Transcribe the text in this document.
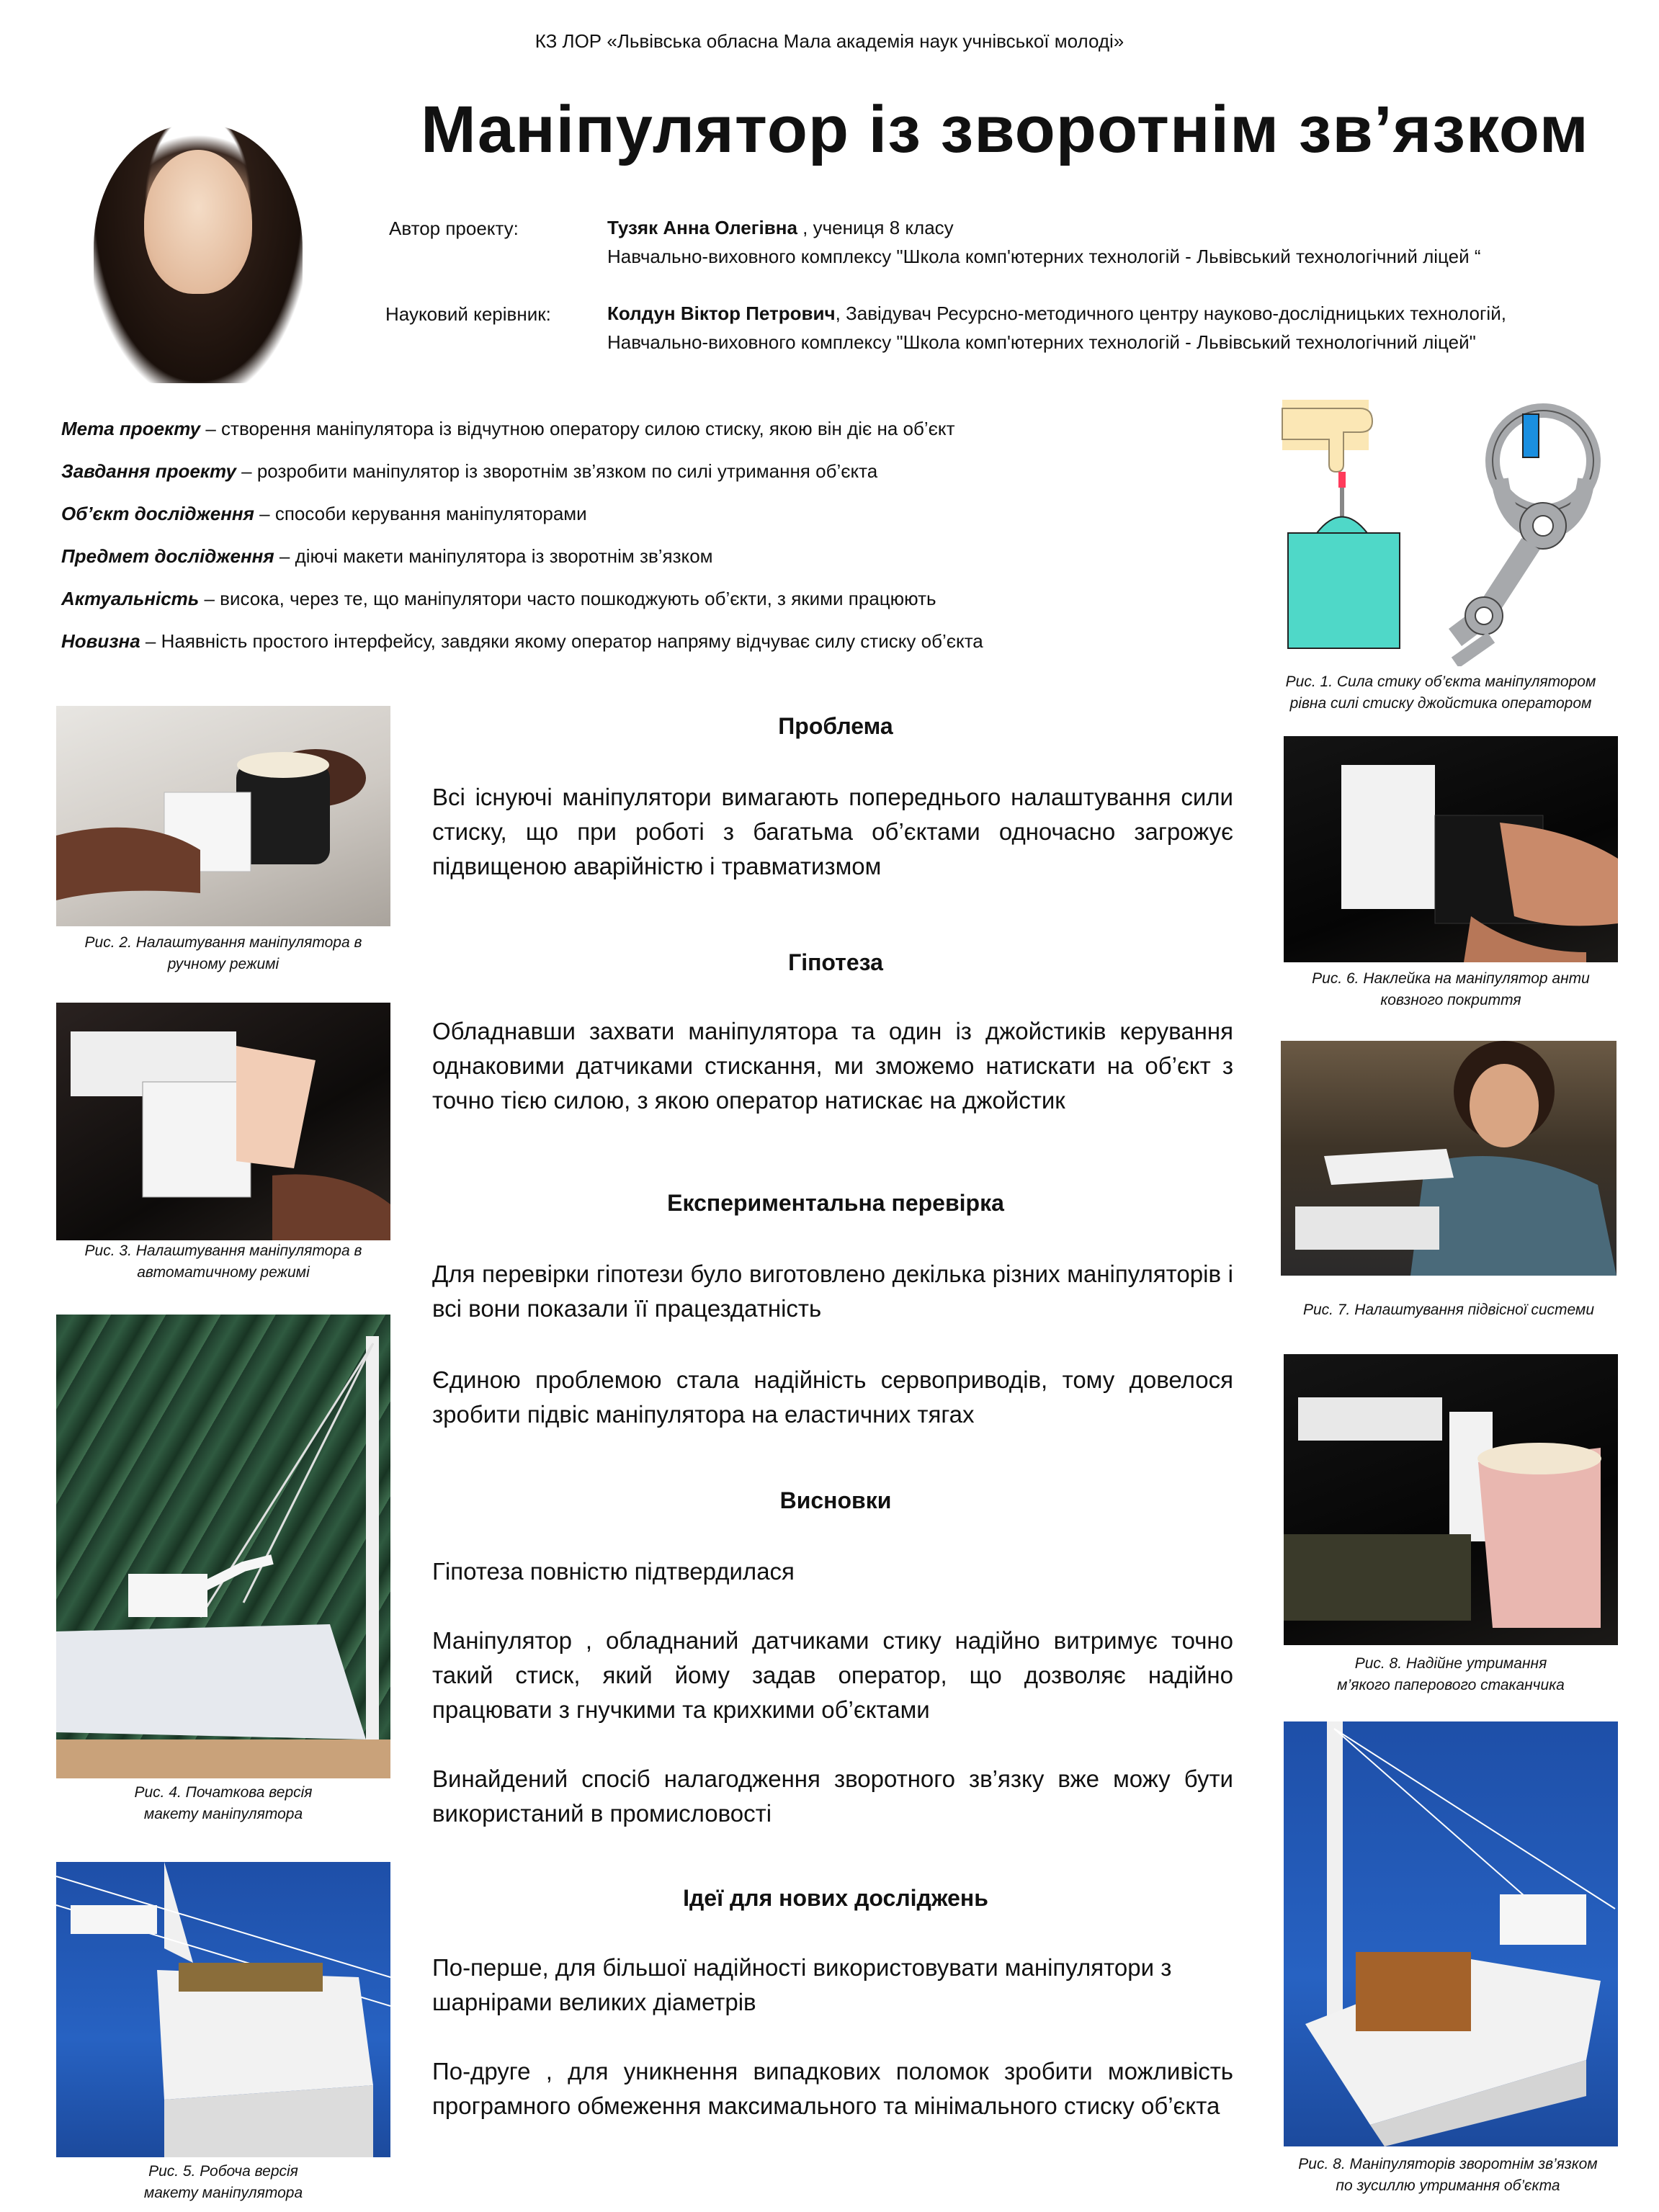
КЗ ЛОР «Львівська обласна Мала академія наук учнівської молоді»
Маніпулятор із зворотнім зв’язком
Автор проекту:	Тузяк Анна Олегівна , учениця 8 класу
Навчально-виховного комплексу "Школа комп'ютерних технологій - Львівський технологічний ліцей “
Науковий керівник:	Колдун Віктор Петрович, Завідувач Ресурсно-методичного центру науково-дослідницьких технологій,
Навчально-виховного комплексу "Школа комп'ютерних технологій - Львівський технологічний ліцей"
Мета проекту – створення маніпулятора із відчутною оператору силою стиску, якою він діє на об’єкт
Завдання проекту – розробити маніпулятор із зворотнім зв’язком по силі утримання об’єкта
Об’єкт дослідження – способи керування маніпуляторами
Предмет дослідження – діючі макети маніпулятора із зворотнім зв’язком
Актуальність – висока, через те, що маніпулятори часто пошкоджують об’єкти, з якими працюють
Новизна – Наявність простого інтерфейсу, завдяки якому оператор напряму відчуває силу стиску об’єкта
Рис. 1. Сила стику об’єкта маніпулятором
рівна силі стиску джойстика оператором
Рис. 2. Налаштування маніпулятора в
ручному режимі
Рис. 3. Налаштування маніпулятора в
автоматичному режимі
Рис. 4. Початкова версія
макету маніпулятора
Рис. 5. Робоча версія
макету маніпулятора
Рис. 6. Наклейка на маніпулятор анти
ковзного покриття
Рис. 7. Налаштування підвісної системи
Рис. 8. Надійне утримання
м’якого паперового стаканчика
Рис. 8. Маніпуляторів зворотнім зв’язком
по зусиллю утримання об’єкта
Проблема
Всі існуючі маніпулятори вимагають попереднього налаштування сили стиску, що при роботі з багатьма об’єктами одночасно загрожує підвищеною аварійністю і травматизмом
Гіпотеза
Обладнавши захвати маніпулятора та один із джойстиків керування однаковими датчиками стискання, ми зможемо натискати на об’єкт з точно тією силою, з якою оператор натискає на джойстик
Експериментальна перевірка
Для перевірки гіпотези було виготовлено декілька різних маніпуляторів і всі вони показали її працездатність
Єдиною проблемою стала надійність сервоприводів, тому довелося зробити підвіс маніпулятора на еластичних тягах
Висновки
Гіпотеза повністю підтвердилася
Маніпулятор , обладнаний датчиками стику надійно витримує точно такий стиск, який йому задав оператор, що дозволяє надійно працювати з гнучкими та крихкими об’єктами
Винайдений спосіб налагодження зворотного зв’язку вже можу бути використаний в промисловості
Ідеї для нових досліджень
По-перше, для більшої надійності використовувати маніпулятори з шарнірами великих діаметрів
По-друге , для уникнення випадкових поломок зробити можливість програмного обмеження максимального та мінімального стиску об’єкта
